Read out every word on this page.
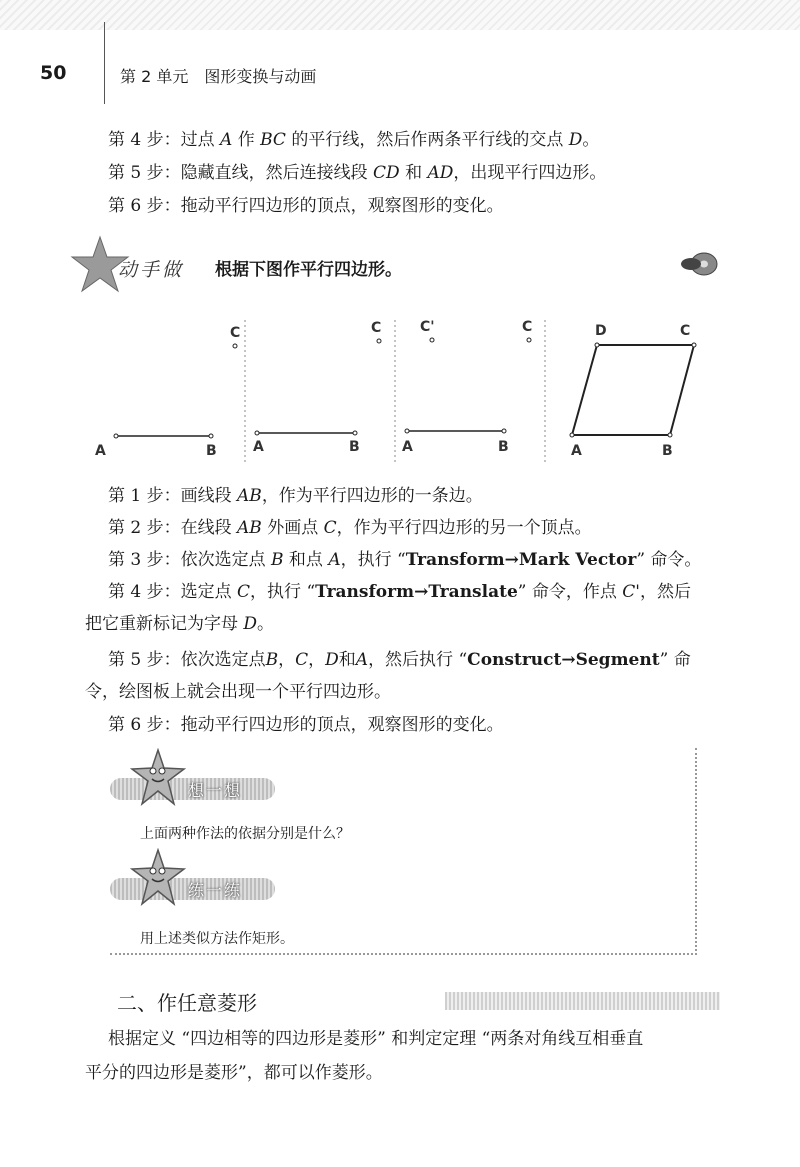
50	第 2 单元 图形变换与动画

第 4 步：过点 A 作 BC 的平行线，然后作两条平行线的交点 D。

第 5 步：隐藏直线，然后连接线段 CD 和 AD，出现平行四边形。

第 6 步：拖动平行四边形的顶点，观察图形的变化。

动手做 根据下图作平行四边形。
A	B
C
A	B
C	C'	C
A	B
D	C
A	B

第 1 步：画线段 AB，作为平行四边形的一条边。

第 2 步：在线段 AB 外画点 C，作为平行四边形的另一个顶点。

第 3 步：依次选定点 B 和点 A，执行 “Transform→Mark Vector” 命令。

第 4 步：选定点 C，执行 “Transform→Translate” 命令，作点 C'，然后

把它重新标记为字母 D。

第 5 步：依次选定点B，C，D和A，然后执行 “Construct→Segment” 命

令，绘图板上就会出现一个平行四边形。

第 6 步：拖动平行四边形的顶点，观察图形的变化。

想一想
上面两种作法的依据分别是什么？
练一练
用上述类似方法作矩形。
二、作任意菱形

根据定义 “四边相等的四边形是菱形” 和判定定理 “两条对角线互相垂直

平分的四边形是菱形”，都可以作菱形。
